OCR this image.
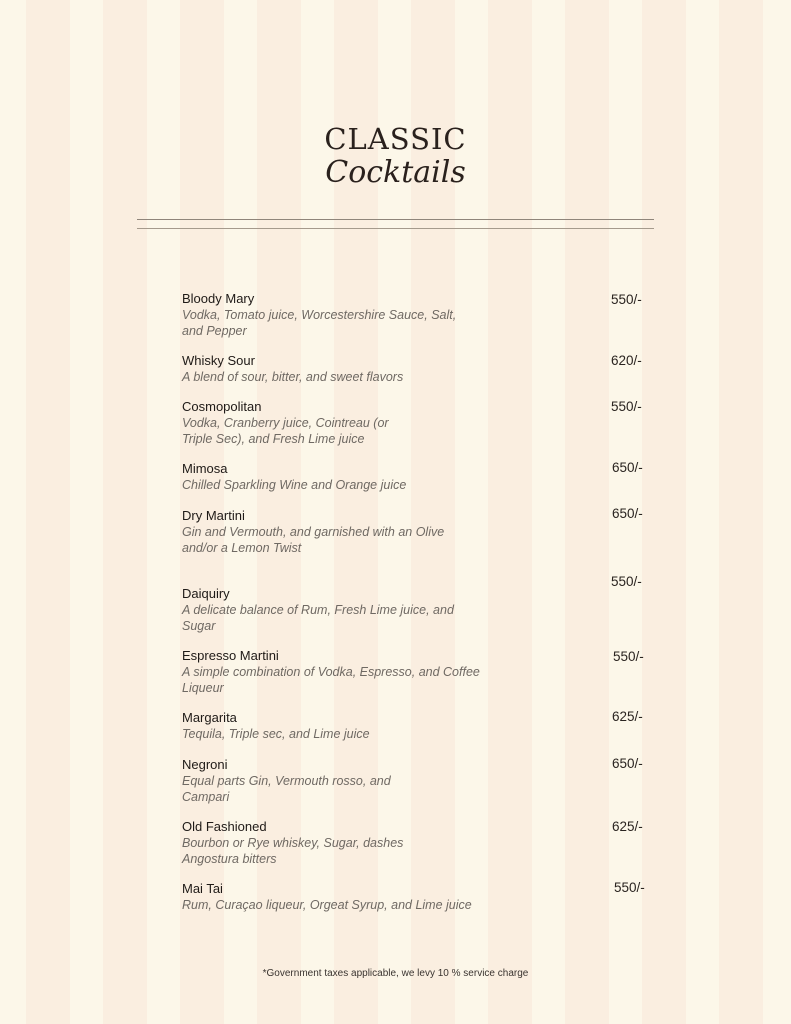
CLASSIC
Cocktails
Bloody Mary
Vodka, Tomato juice, Worcestershire Sauce, Salt, and Pepper
550/-
Whisky Sour
A blend of sour, bitter, and sweet flavors
620/-
Cosmopolitan
Vodka, Cranberry juice, Cointreau (or Triple Sec), and Fresh Lime juice
550/-
Mimosa
Chilled Sparkling Wine and Orange juice
650/-
Dry Martini
Gin and Vermouth, and garnished with an Olive and/or a Lemon Twist
650/-
Daiquiry
A delicate balance of Rum, Fresh Lime juice, and Sugar
550/-
Espresso Martini
A simple combination of Vodka, Espresso, and Coffee Liqueur
550/-
Margarita
Tequila, Triple sec, and Lime juice
625/-
Negroni
Equal parts Gin, Vermouth rosso, and Campari
650/-
Old Fashioned
Bourbon or Rye whiskey, Sugar, dashes Angostura bitters
625/-
Mai Tai
Rum, Curaçao liqueur, Orgeat Syrup, and Lime juice
550/-
*Government taxes applicable, we levy 10 % service charge
